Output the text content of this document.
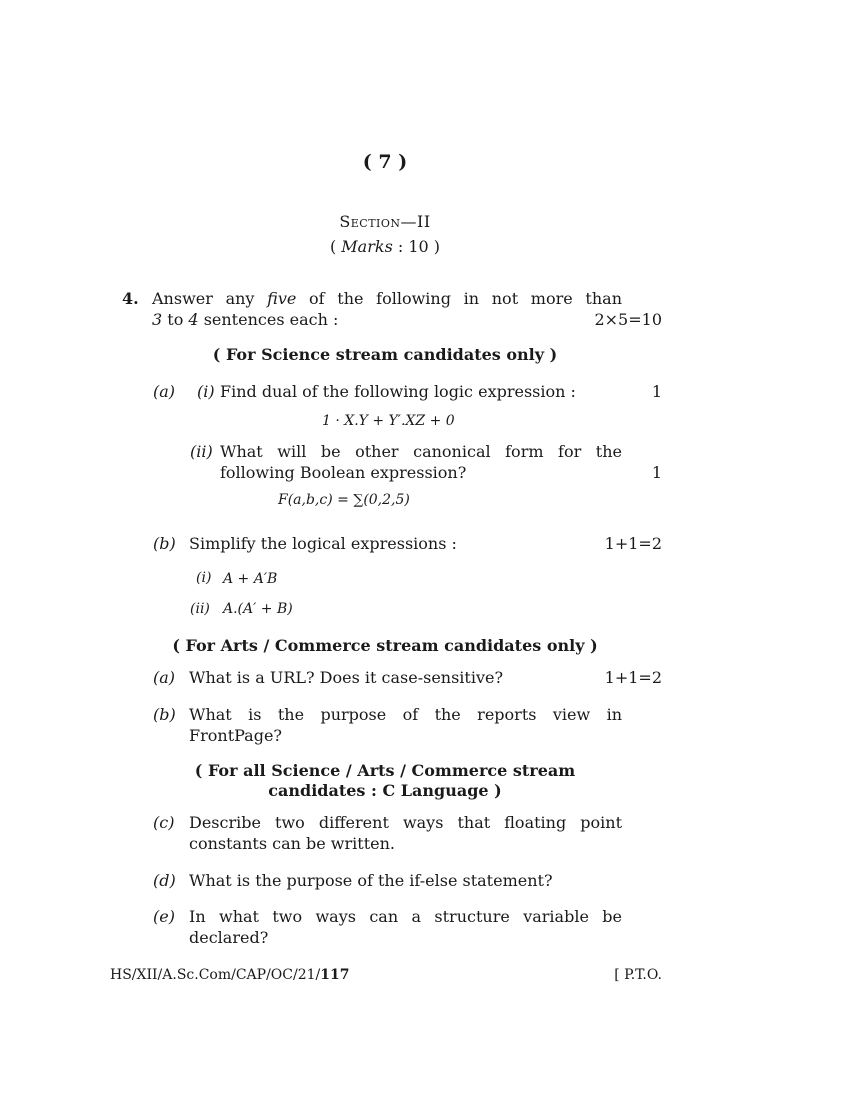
( 7 )
Section—II
( Marks : 10 )
4. Answer any five of the following in not more than
3 to 4 sentences each :	2×5=10
( For Science stream candidates only )
(a) (i) Find dual of the following logic expression :	1
1 · X.Y + Y′.XZ + 0
(ii) What will be other canonical form for the
following Boolean expression?	1
F(a,b,c) = ∑(0,2,5)
(b) Simplify the logical expressions :	1+1=2
(i) A + A′B
(ii) A.(A′ + B)
( For Arts / Commerce stream candidates only )
(a) What is a URL? Does it case-sensitive?	1+1=2
(b) What is the purpose of the reports view in
FrontPage?
( For all Science / Arts / Commerce stream
candidates : C Language )
(c) Describe two different ways that floating point
constants can be written.
(d) What is the purpose of the if-else statement?
(e) In what two ways can a structure variable be
declared?
HS/XII/A.Sc.Com/CAP/OC/21/117	[ P.T.O.
